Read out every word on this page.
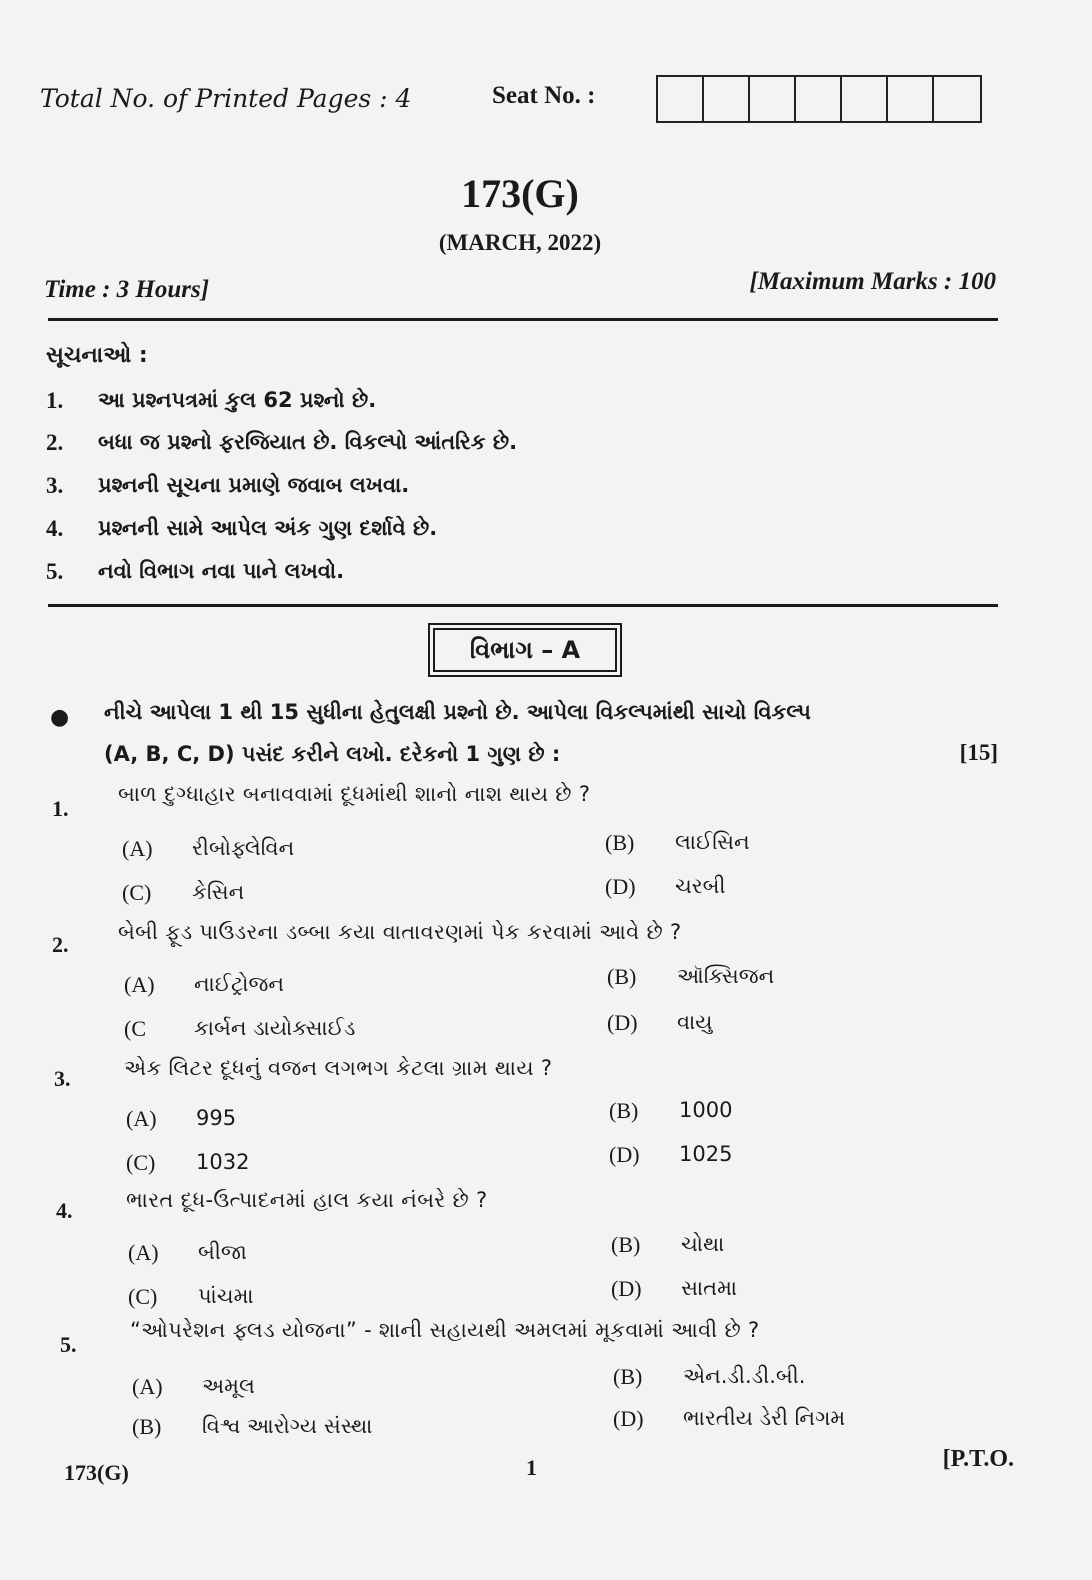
Total No. of Printed Pages : 4	Seat No. :
173(G)
(MARCH, 2022)
Time : 3 Hours]	[Maximum Marks : 100
સૂચનાઓ :
1.	આ પ્રશ્નપત્રમાં કુલ 62 પ્રશ્નો છે.
2.	બધા જ પ્રશ્નો ફરજિયાત છે. વિકલ્પો આંતરિક છે.
3.	પ્રશ્નની સૂચના પ્રમાણે જવાબ લખવા.
4.	પ્રશ્નની સામે આપેલ અંક ગુણ દર્શાવે છે.
5.	નવો વિભાગ નવા પાને લખવો.
વિભાગ – A
● નીચે આપેલા 1 થી 15 સુધીના હેતુલક્ષી પ્રશ્નો છે. આપેલા વિકલ્પમાંથી સાચો વિકલ્પ
(A, B, C, D) પસંદ કરીને લખો. દરેકનો 1 ગુણ છે :	[15]
1.
બાળ દુગ્ધાહાર બનાવવામાં દૂધમાંથી શાનો નાશ થાય છે ?
(A)	રીબોફ્લેવિન	(B)	લાઈસિન
(C)	કેસિન	(D)	ચરબી
2. બેબી ફૂડ પાઉડરના ડબ્બા કયા વાતાવરણમાં પેક કરવામાં આવે છે ?
(A)	નાઈટ્રોજન	(B)	ઑક્સિજન
(C	કાર્બન ડાયોક્સાઈડ	(D)	વાયુ
3.	એક લિટર દૂધનું વજન લગભગ કેટલા ગ્રામ થાય ?
(A)	995	(B)	1000
(C)	1032	(D)	1025
4.	ભારત દૂધ-ઉત્પાદનમાં હાલ કયા નંબરે છે ?
(A)	બીજા	(B)	ચોથા
(C)	પાંચમા	(D)	સાતમા
5.
“ઓપરેશન ફ્લડ યોજના” - શાની સહાયથી અમલમાં મૂકવામાં આવી છે ?
(A)	અમૂલ	(B)	એન.ડી.ડી.બી.
(B)	વિશ્વ આરોગ્ય સંસ્થા	(D)	ભારતીય ડેરી નિગમ
173(G)	1	[P.T.O.
